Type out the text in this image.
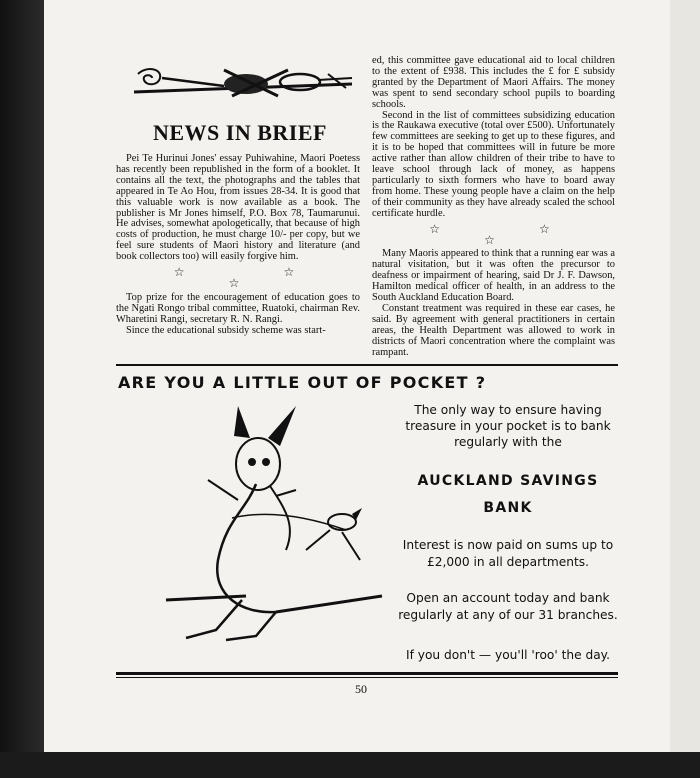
NEWS IN BRIEF

Pei Te Hurinui Jones' essay Puhiwahine, Maori Poetess has recently been republished in the form of a booklet. It contains all the text, the photographs and the tables that appeared in Te Ao Hou, from issues 28-34. It is good that this valuable work is now available as a book. The publisher is Mr Jones himself, P.O. Box 78, Taumarunui. He advises, somewhat apologetically, that because of high costs of production, he must charge 10/- per copy, but we feel sure students of Maori history and literature (and book collectors too) will easily forgive him.

☆ ☆ ☆

Top prize for the encouragement of education goes to the Ngati Rongo tribal committee, Ruatoki, chairman Rev. Wharetini Rangi, secretary R. N. Rangi.

Since the educational subsidy scheme was start-

ed, this committee gave educational aid to local children to the extent of £938. This includes the £ for £ subsidy granted by the Department of Maori Affairs. The money was spent to send secondary school pupils to boarding schools.

Second in the list of committees subsidizing education is the Raukawa executive (total over £500). Unfortunately few committees are seeking to get up to these figures, and it is to be hoped that committees will in future be more active rather than allow children of their tribe to have to leave school through lack of money, as happens particularly to sixth formers who have to board away from home. These young people have a claim on the help of their community as they have already scaled the school certificate hurdle.

☆ ☆ ☆

Many Maoris appeared to think that a running ear was a natural visitation, but it was often the precursor to deafness or impairment of hearing, said Dr J. F. Dawson, Hamilton medical officer of health, in an address to the South Auckland Education Board.

Constant treatment was required in these ear cases, he said. By agreement with general practitioners in certain areas, the Health Department was allowed to work in districts of Maori concentration where the complaint was rampant.

ARE YOU A LITTLE OUT OF POCKET ?
The only way to ensure having treasure in your pocket is to bank regularly with the
AUCKLAND SAVINGS BANK
Interest is now paid on sums up to £2,000 in all departments.
Open an account today and bank regularly at any of our 31 branches.
If you don't — you'll 'roo' the day.
50
